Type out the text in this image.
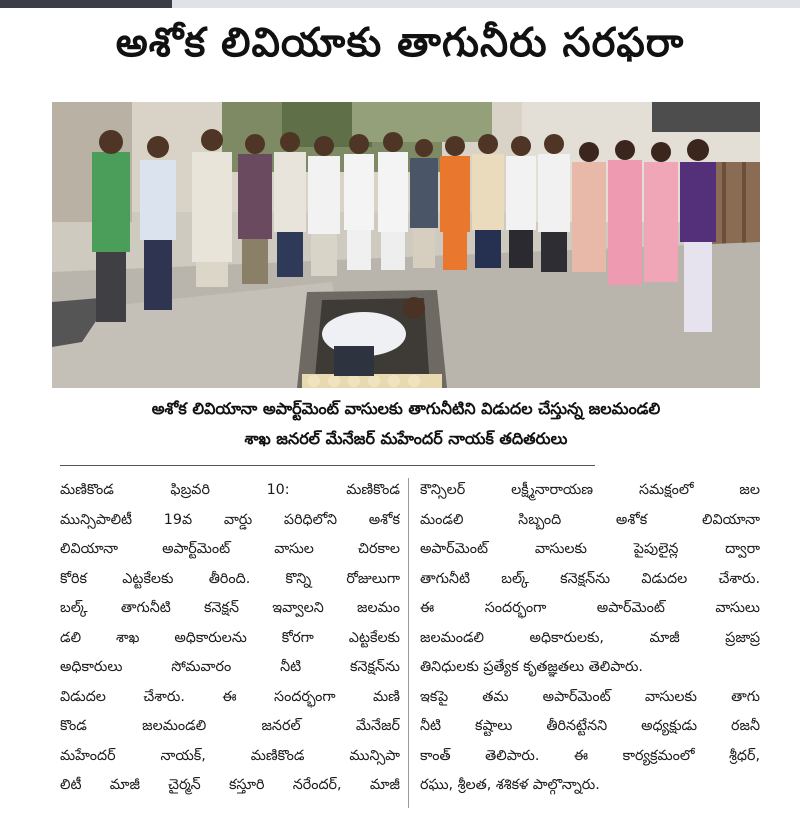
అశోక లివియాకు తాగునీరు సరఫరా
అశోక లివియానా అపార్ట్‌మెంట్ వాసులకు తాగునీటిని విడుదల చేస్తున్న జలమండలి
శాఖ జనరల్ మేనేజర్ మహేందర్ నాయక్ తదితరులు
మణికొండ ఫిబ్రవరి 10: మణికొండ
మున్సిపాలిటీ 19వ వార్డు పరిధిలోని అశోక
లివియానా అపార్ట్‌మెంట్ వాసుల చిరకాల
కోరిక ఎట్టకేలకు తీరింది. కొన్ని రోజులుగా
బల్క్ తాగునీటి కనెక్షన్ ఇవ్వాలని జలమం
డలి శాఖ అధికారులను కోరగా ఎట్టకేలకు
అధికారులు సోమవారం నీటి కనెక్షన్‌ను
విడుదల చేశారు. ఈ సందర్భంగా మణి
కొండ జలమండలి జనరల్ మేనేజర్
మహేందర్ నాయక్, మణికొండ మున్సిపా
లిటీ మాజీ చైర్మన్ కస్తూరి నరేందర్, మాజీ
కౌన్సిలర్ లక్ష్మీనారాయణ సమక్షంలో జల
మండలి సిబ్బంది అశోక లివియానా
అపార్‌మెంట్ వాసులకు పైపులైన్ల ద్వారా
తాగునీటి బల్క్ కనెక్షన్‌ను విడుదల చేశారు.
ఈ సందర్భంగా అపార్‌మెంట్ వాసులు
జలమండలి అధికారులకు, మాజీ ప్రజాప్ర
తినిధులకు ప్రత్యేక కృతజ్ఞతలు తెలిపారు.
ఇకపై తమ అపార్‌మెంట్ వాసులకు తాగు
నీటి కష్టాలు తీరినట్టేనని అధ్యక్షుడు రజనీ
కాంత్ తెలిపారు. ఈ కార్యక్రమంలో శ్రీధర్,
రఘు, శ్రీలత, శశికళ పాల్గొన్నారు.
